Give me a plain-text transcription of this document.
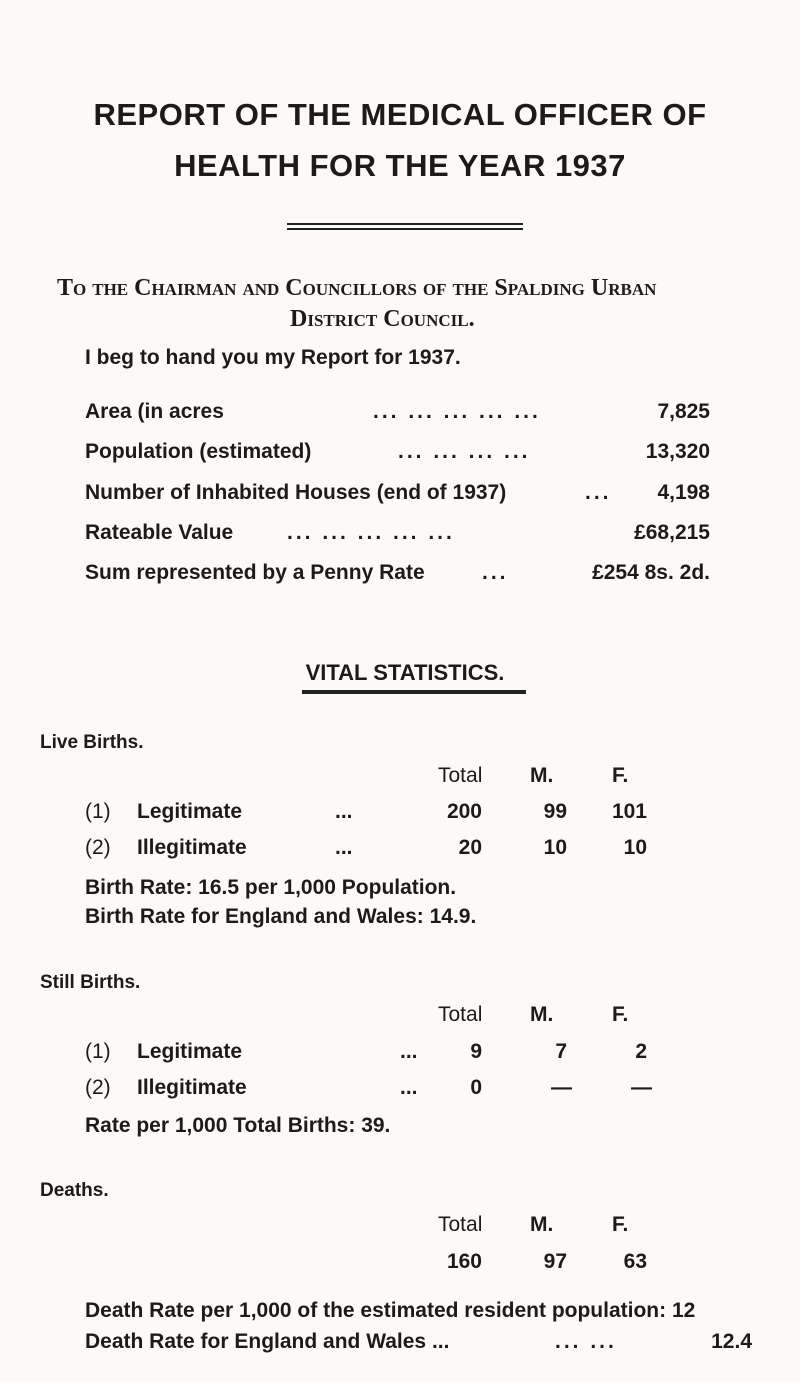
REPORT OF THE MEDICAL OFFICER OF
HEALTH FOR THE YEAR 1937
To the Chairman and Councillors of the Spalding Urban
District Council.
I beg to hand you my Report for 1937.
Area (in acres	... ... ... ... ...	7,825
Population (estimated)	... ... ... ...	13,320
Number of Inhabited Houses (end of 1937)	... 4,198
Rateable Value	... ... ... ... ...	£68,215
Sum represented by a Penny Rate	...	£254 8s. 2d.
VITAL STATISTICS.
Live Births.
Total M.	F.
(1) Legitimate	...	200	99 101
(2) Illegitimate	...	20	10	10
Birth Rate: 16.5 per 1,000 Population.
Birth Rate for England and Wales: 14.9.
Still Births.
Total M.	F.
(1) Legitimate	...	9	7	2
(2) Illegitimate	...	0	—	—
Rate per 1,000 Total Births: 39.
Deaths.
Total M.	F.
160	97	63
Death Rate per 1,000 of the estimated resident population: 12
Death Rate for England and Wales ...	... ...	12.4
